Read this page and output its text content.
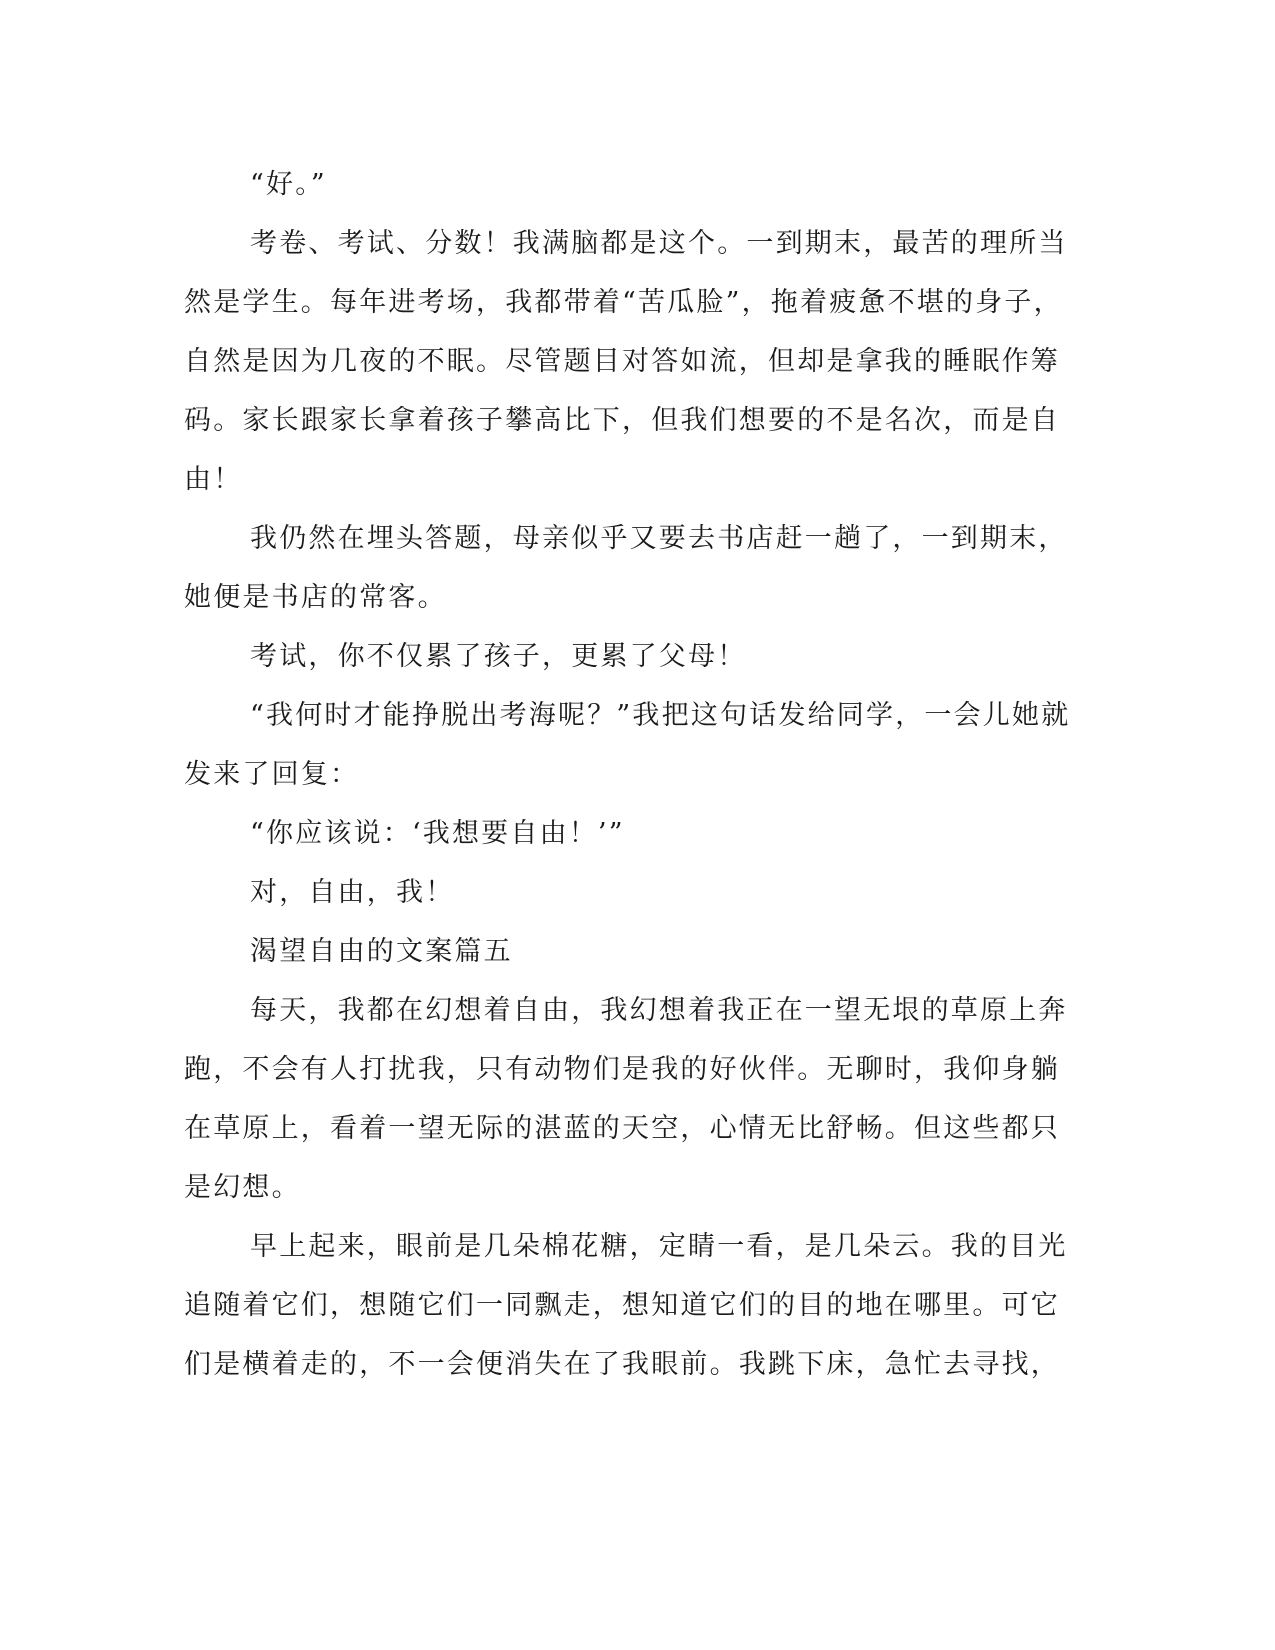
“好。”
考卷、考试、分数！我满脑都是这个。一到期末，最苦的理所当
然是学生。每年进考场，我都带着“苦瓜脸”，拖着疲惫不堪的身子，
自然是因为几夜的不眠。尽管题目对答如流，但却是拿我的睡眠作筹
码。家长跟家长拿着孩子攀高比下，但我们想要的不是名次，而是自
由！
我仍然在埋头答题，母亲似乎又要去书店赶一趟了，一到期末，
她便是书店的常客。
考试，你不仅累了孩子，更累了父母！
“我何时才能挣脱出考海呢？”我把这句话发给同学，一会儿她就
发来了回复：
“你应该说：‘我想要自由！’”
对，自由，我！
渴望自由的文案篇五
每天，我都在幻想着自由，我幻想着我正在一望无垠的草原上奔
跑，不会有人打扰我，只有动物们是我的好伙伴。无聊时，我仰身躺
在草原上，看着一望无际的湛蓝的天空，心情无比舒畅。但这些都只
是幻想。
早上起来，眼前是几朵棉花糖，定睛一看，是几朵云。我的目光
追随着它们，想随它们一同飘走，想知道它们的目的地在哪里。可它
们是横着走的，不一会便消失在了我眼前。我跳下床，急忙去寻找，
